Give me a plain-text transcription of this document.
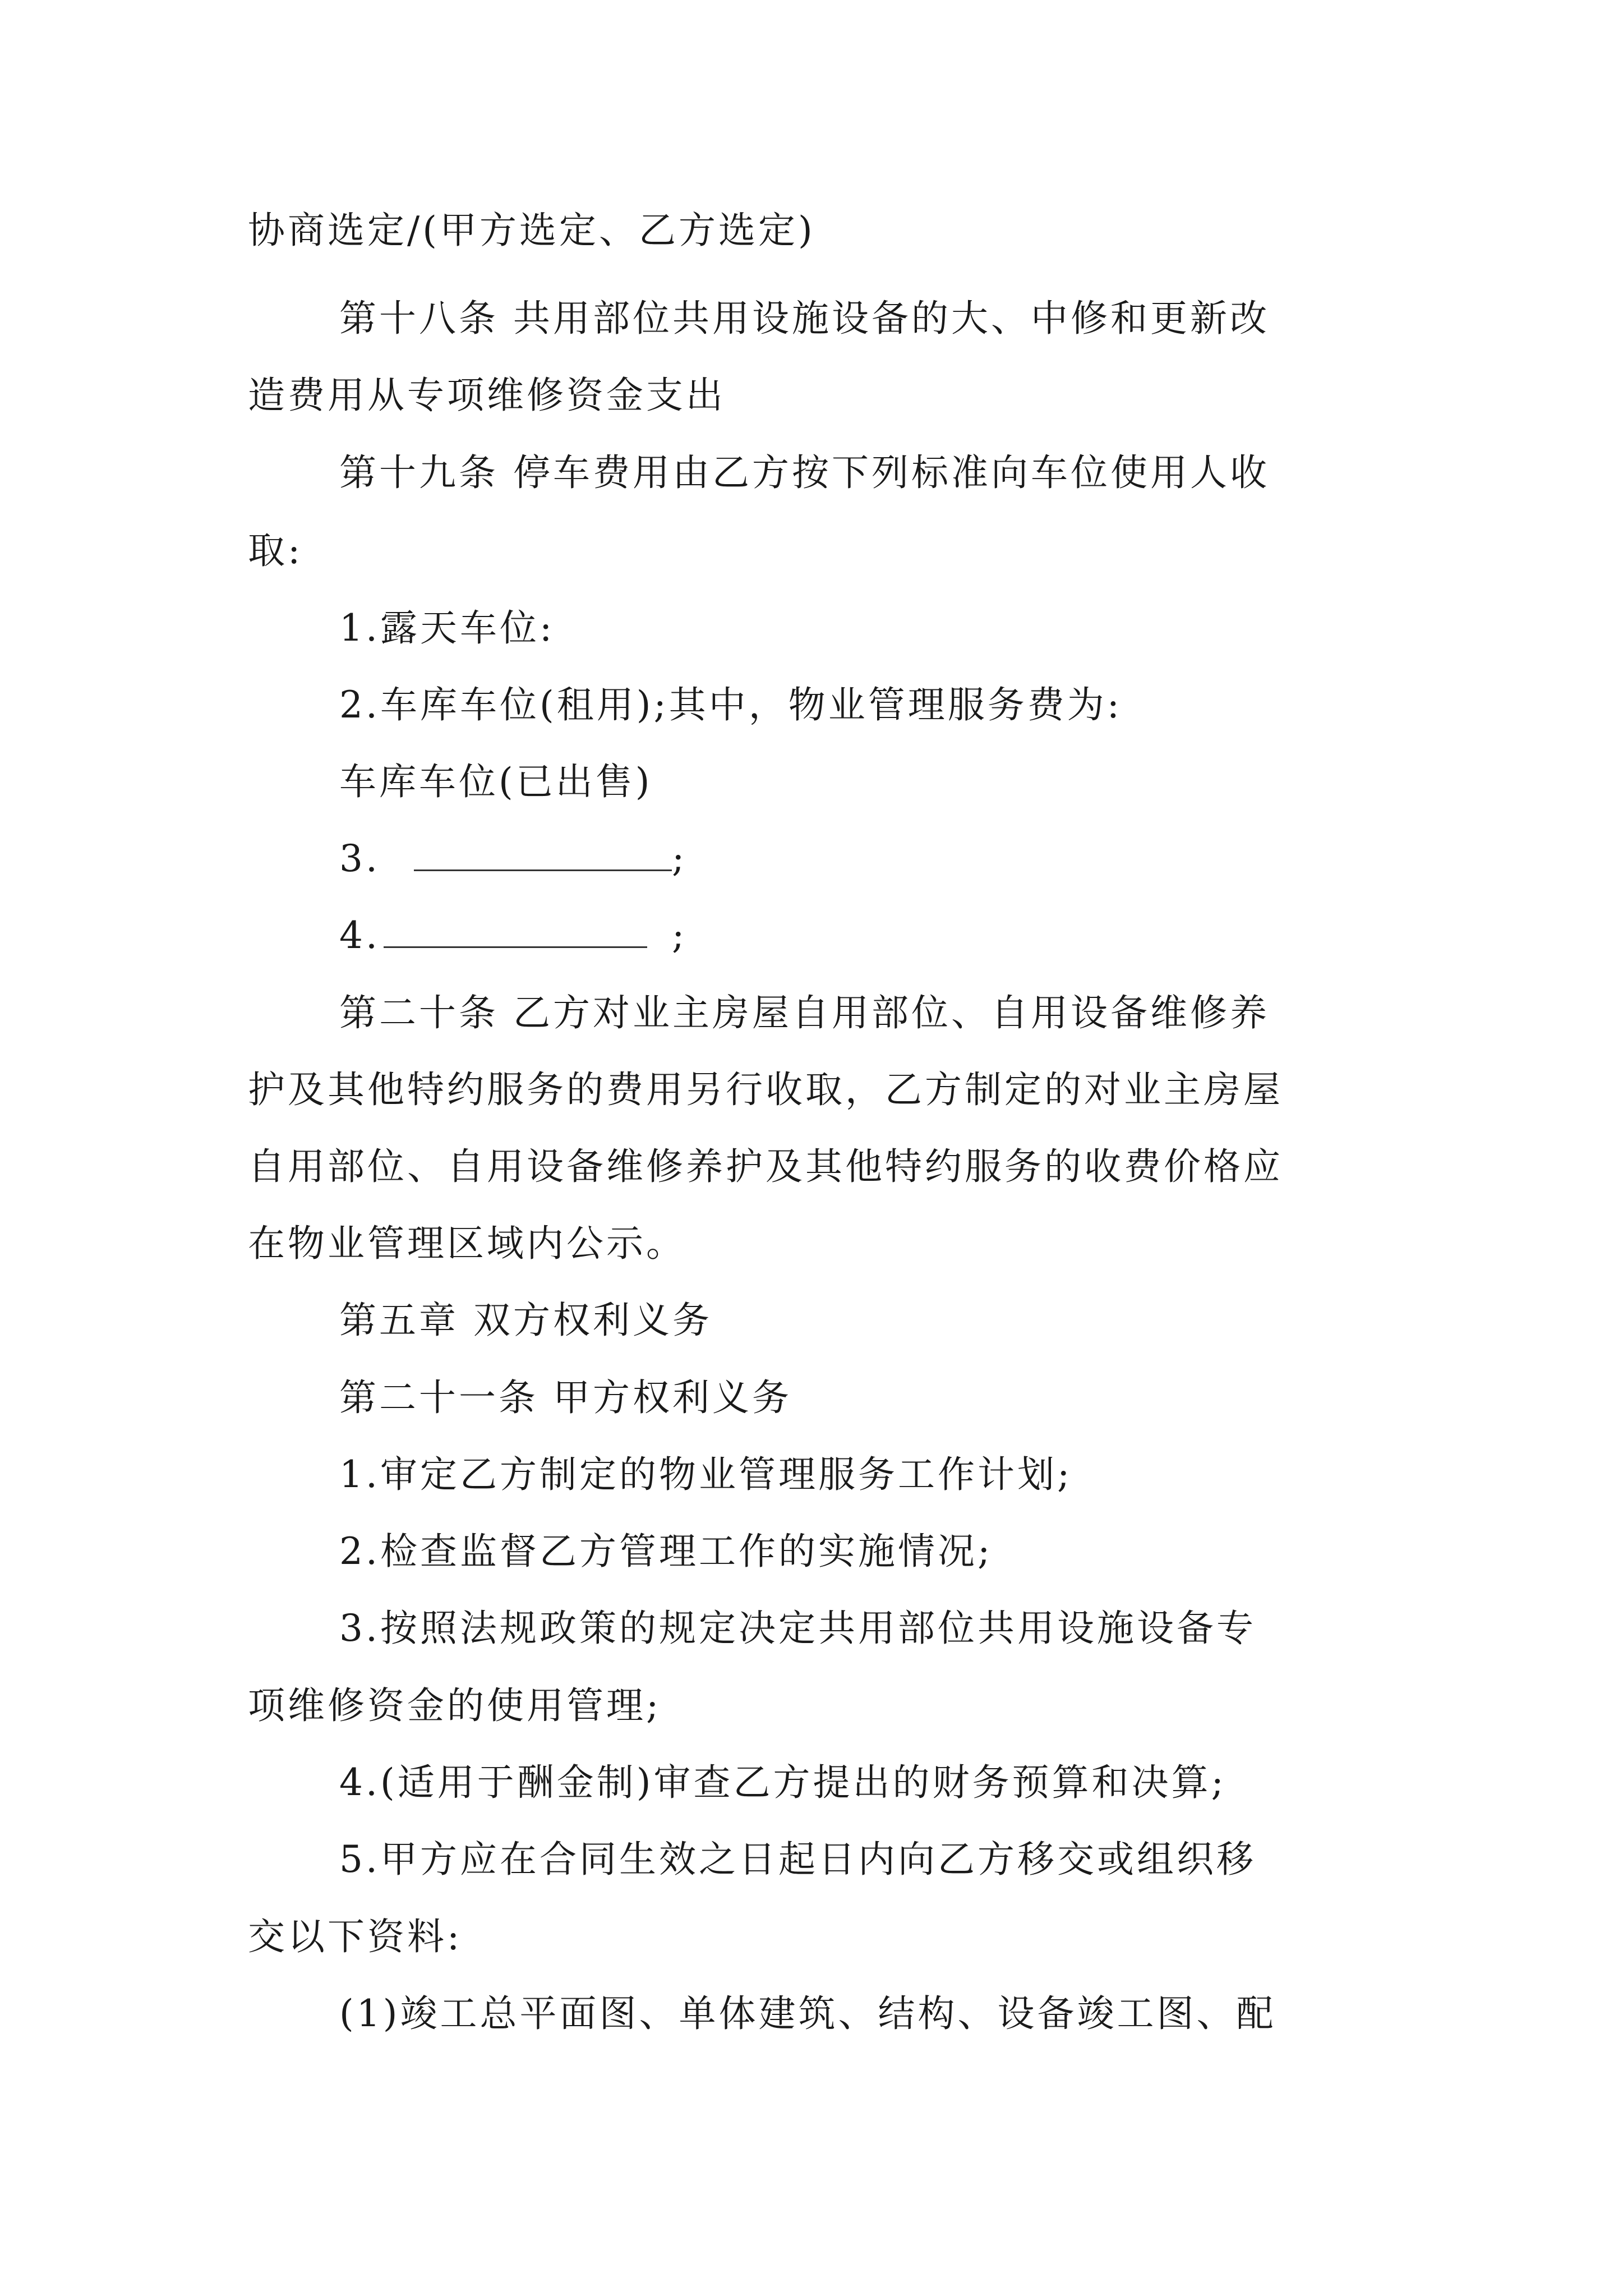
协商选定/(甲方选定、乙方选定)
第十八条 共用部位共用设施设备的大、中修和更新改
造费用从专项维修资金支出
第十九条 停车费用由乙方按下列标准向车位使用人收
取:
1.露天车位:
2.车库车位(租用);其中，物业管理服务费为:
车库车位(已出售)
3.	;
4.	;
第二十条 乙方对业主房屋自用部位、自用设备维修养
护及其他特约服务的费用另行收取，乙方制定的对业主房屋
自用部位、自用设备维修养护及其他特约服务的收费价格应
在物业管理区域内公示。
第五章 双方权利义务
第二十一条 甲方权利义务
1.审定乙方制定的物业管理服务工作计划;
2.检查监督乙方管理工作的实施情况;
3.按照法规政策的规定决定共用部位共用设施设备专
项维修资金的使用管理;
4.(适用于酬金制)审查乙方提出的财务预算和决算;
5.甲方应在合同生效之日起日内向乙方移交或组织移
交以下资料:
(1)竣工总平面图、单体建筑、结构、设备竣工图、配
